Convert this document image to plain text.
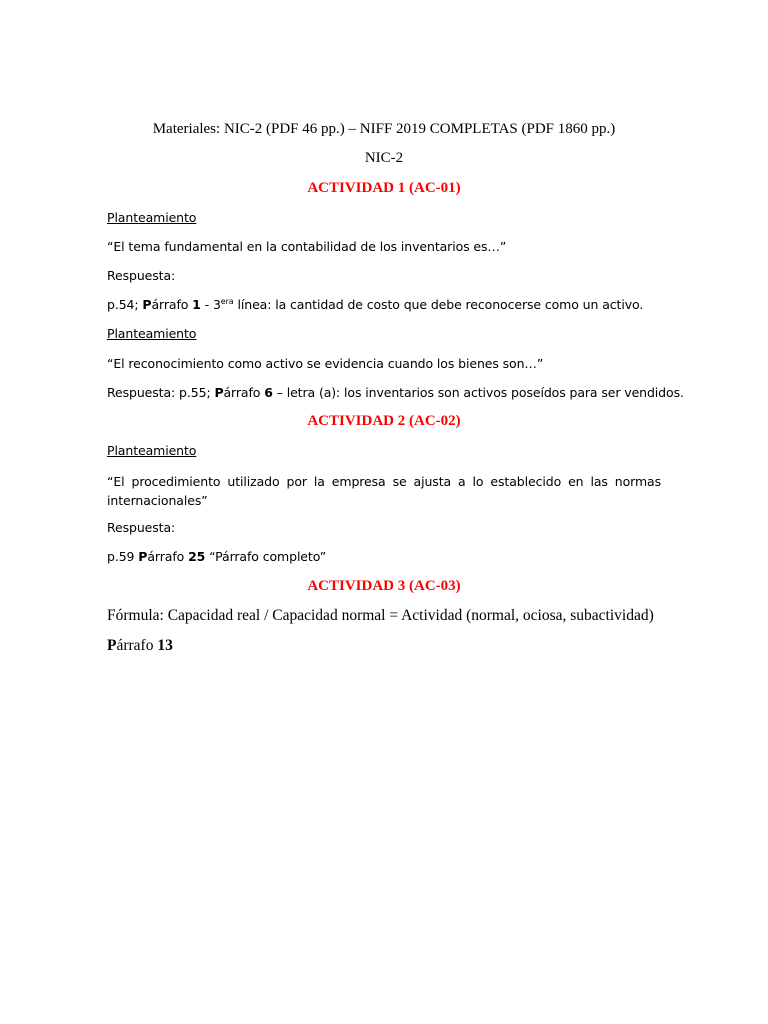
Materiales: NIC-2 (PDF 46 pp.) – NIFF 2019 COMPLETAS (PDF 1860 pp.)
NIC-2
ACTIVIDAD 1 (AC-01)
Planteamiento
“El tema fundamental en la contabilidad de los inventarios es…”
Respuesta:
p.54; Párrafo $1 - 3^{era}$ línea: la cantidad de costo que debe reconocerse como un activo.
Planteamiento
“El reconocimiento como activo se evidencia cuando los bienes son…”
Respuesta: p.55; Párrafo 6 – letra (a): los inventarios son activos poseídos para ser vendidos.
ACTIVIDAD 2 (AC-02)
Planteamiento
“El procedimiento utilizado por la empresa se ajusta a lo establecido en las normas internacionales”
Respuesta:
p.59 Párrafo 25 “Párrafo completo”
ACTIVIDAD 3 (AC-03)
Fórmula: Capacidad real / Capacidad normal = Actividad (normal, ociosa, subactividad)
Párrafo 13
